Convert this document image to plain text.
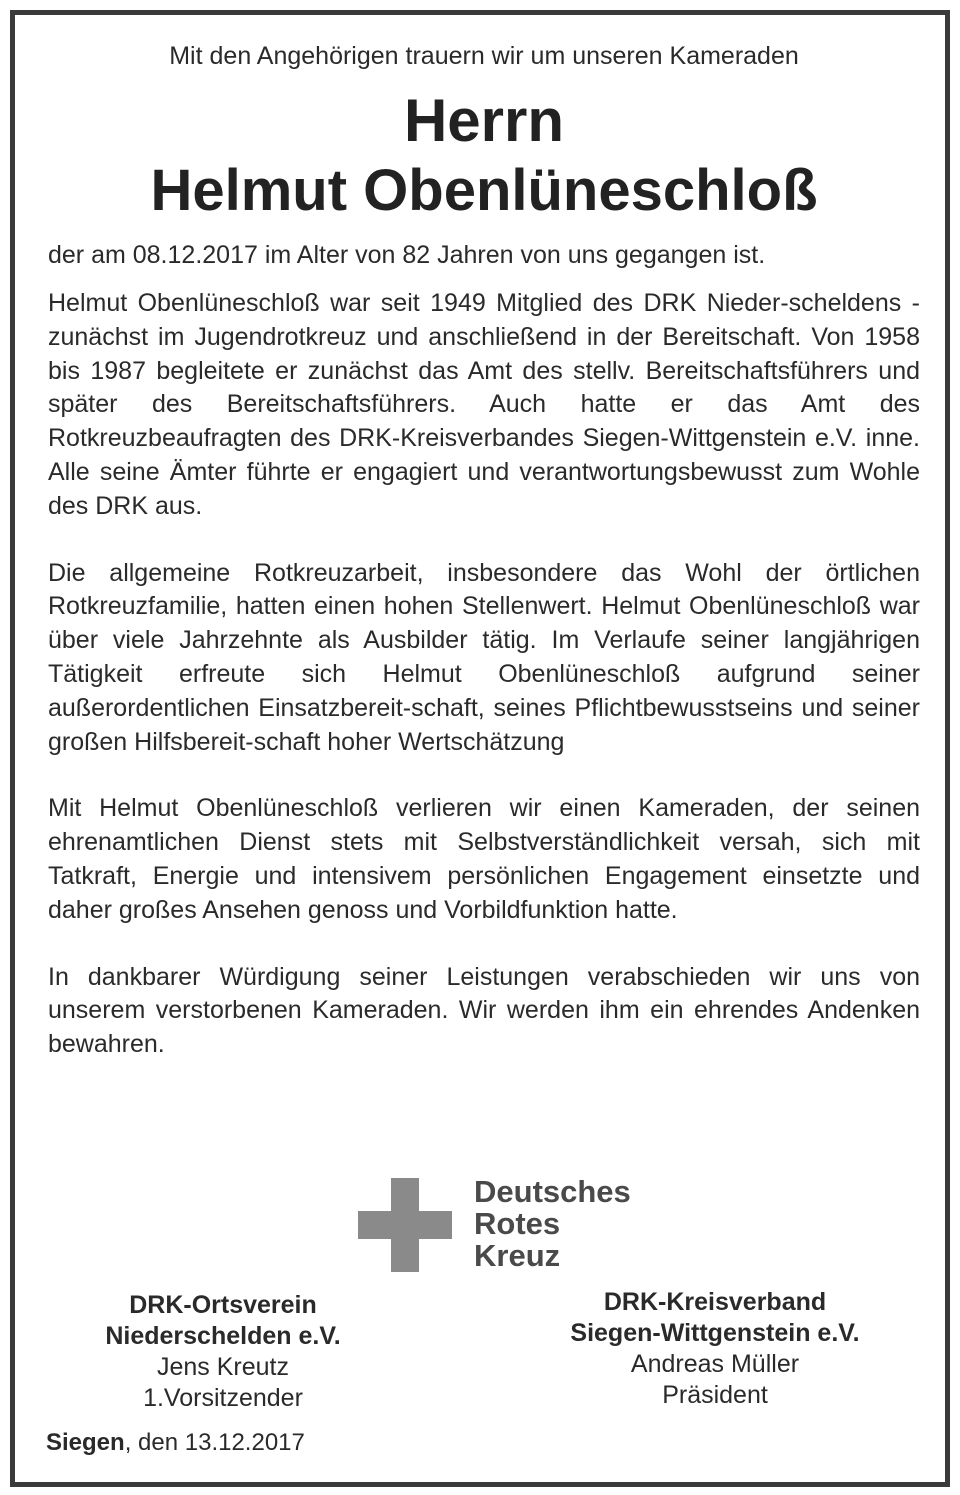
Mit den Angehörigen trauern wir um unseren Kameraden

Herrn

Helmut Obenlüneschloß

der am 08.12.2017 im Alter von 82 Jahren von uns gegangen ist.

Helmut Obenlüneschloß war seit 1949 Mitglied des DRK Nieder-scheldens - zunächst im Jugendrotkreuz und anschließend in der Bereitschaft. Von 1958 bis 1987 begleitete er zunächst das Amt des stellv. Bereitschaftsführers und später des Bereitschaftsführers. Auch hatte er das Amt des Rotkreuzbeaufragten des DRK-Kreisverbandes Siegen-Wittgenstein e.V. inne. Alle seine Ämter führte er engagiert und verantwortungsbewusst zum Wohle des DRK aus.

Die allgemeine Rotkreuzarbeit, insbesondere das Wohl der örtlichen Rotkreuzfamilie, hatten einen hohen Stellenwert. Helmut Obenlüneschloß war über viele Jahrzehnte als Ausbilder tätig. Im Verlaufe seiner langjährigen Tätigkeit erfreute sich Helmut Obenlüneschloß aufgrund seiner außerordentlichen Einsatzbereit-schaft, seines Pflichtbewusstseins und seiner großen Hilfsbereit-schaft hoher Wertschätzung

Mit Helmut Obenlüneschloß verlieren wir einen Kameraden, der seinen ehrenamtlichen Dienst stets mit Selbstverständlichkeit versah, sich mit Tatkraft, Energie und intensivem persönlichen Engagement einsetzte und daher großes Ansehen genoss und Vorbildfunktion hatte.

In dankbarer Würdigung seiner Leistungen verabschieden wir uns von unserem verstorbenen Kameraden. Wir werden ihm ein ehrendes Andenken bewahren.

Deutsches
Rotes
Kreuz
DRK-Ortsverein
Niederschelden e.V.
Jens Kreutz
1.Vorsitzender
DRK-Kreisverband
Siegen-Wittgenstein e.V.
Andreas Müller
Präsident
Siegen, den 13.12.2017
